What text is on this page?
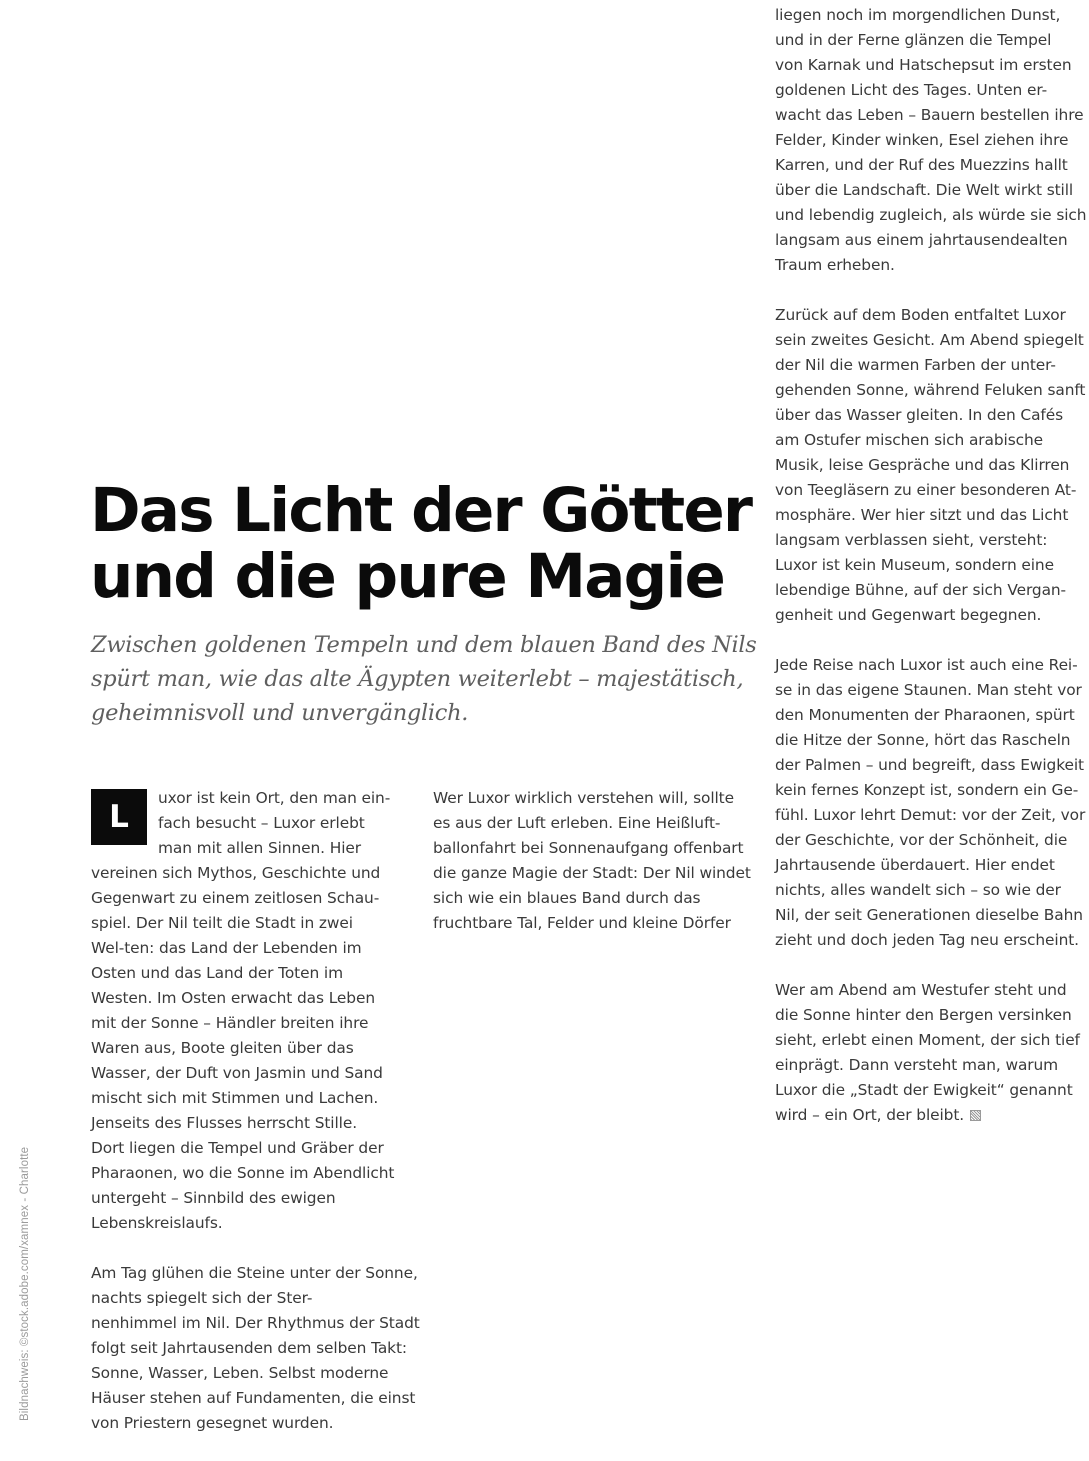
liegen noch im morgendlichen Dunst,
und in der Ferne glänzen die Tempel
von Karnak und Hatschepsut im ersten
goldenen Licht des Tages. Unten er-
wacht das Leben – Bauern bestellen ihre
Felder, Kinder winken, Esel ziehen ihre
Karren, und der Ruf des Muezzins hallt
über die Landschaft. Die Welt wirkt still
und lebendig zugleich, als würde sie sich
langsam aus einem jahrtausendealten
Traum erheben.

Zurück auf dem Boden entfaltet Luxor
sein zweites Gesicht. Am Abend spiegelt
der Nil die warmen Farben der unter-
gehenden Sonne, während Feluken sanft
über das Wasser gleiten. In den Cafés
am Ostufer mischen sich arabische
Musik, leise Gespräche und das Klirren
von Teegläsern zu einer besonderen At-
mosphäre. Wer hier sitzt und das Licht
langsam verblassen sieht, versteht:
Luxor ist kein Museum, sondern eine
lebendige Bühne, auf der sich Vergan-
genheit und Gegenwart begegnen.

Jede Reise nach Luxor ist auch eine Rei-
se in das eigene Staunen. Man steht vor
den Monumenten der Pharaonen, spürt
die Hitze der Sonne, hört das Rascheln
der Palmen – und begreift, dass Ewigkeit
kein fernes Konzept ist, sondern ein Ge-
fühl. Luxor lehrt Demut: vor der Zeit, vor
der Geschichte, vor der Schönheit, die
Jahrtausende überdauert. Hier endet
nichts, alles wandelt sich – so wie der
Nil, der seit Generationen dieselbe Bahn
zieht und doch jeden Tag neu erscheint.

Wer am Abend am Westufer steht und
die Sonne hinter den Bergen versinken
sieht, erlebt einen Moment, der sich tief
einprägt. Dann versteht man, warum
Luxor die „Stadt der Ewigkeit“ genannt
wird – ein Ort, der bleibt.

Das Licht der Götter
und die pure Magie

Zwischen goldenen Tempeln und dem blauen Band des Nils
spürt man, wie das alte Ägypten weiterlebt – majestätisch,
geheimnisvoll und unvergänglich.

L

uxor ist kein Ort, den man ein-
fach besucht – Luxor erlebt
man mit allen Sinnen. Hier
vereinen sich Mythos, Geschichte und
Gegenwart zu einem zeitlosen Schau-
spiel. Der Nil teilt die Stadt in zwei
Wel-ten: das Land der Lebenden im
Osten und das Land der Toten im
Westen. Im Osten erwacht das Leben
mit der Sonne – Händler breiten ihre
Waren aus, Boote gleiten über das
Wasser, der Duft von Jasmin und Sand
mischt sich mit Stimmen und Lachen.
Jenseits des Flusses herrscht Stille.
Dort liegen die Tempel und Gräber der
Pharaonen, wo die Sonne im Abendlicht
untergeht – Sinnbild des ewigen
Lebenskreislaufs.

Am Tag glühen die Steine unter der Sonne,
nachts spiegelt sich der Ster-
nenhimmel im Nil. Der Rhythmus der Stadt
folgt seit Jahrtausenden dem selben Takt:
Sonne, Wasser, Leben. Selbst moderne
Häuser stehen auf Fundamenten, die einst
von Priestern gesegnet wurden.

Wer Luxor wirklich verstehen will, sollte
es aus der Luft erleben. Eine Heißluft-
ballonfahrt bei Sonnenaufgang offenbart
die ganze Magie der Stadt: Der Nil windet
sich wie ein blaues Band durch das
fruchtbare Tal, Felder und kleine Dörfer

Bildnachweis: ©stock.adobe.com/xamnex - Charlotte
